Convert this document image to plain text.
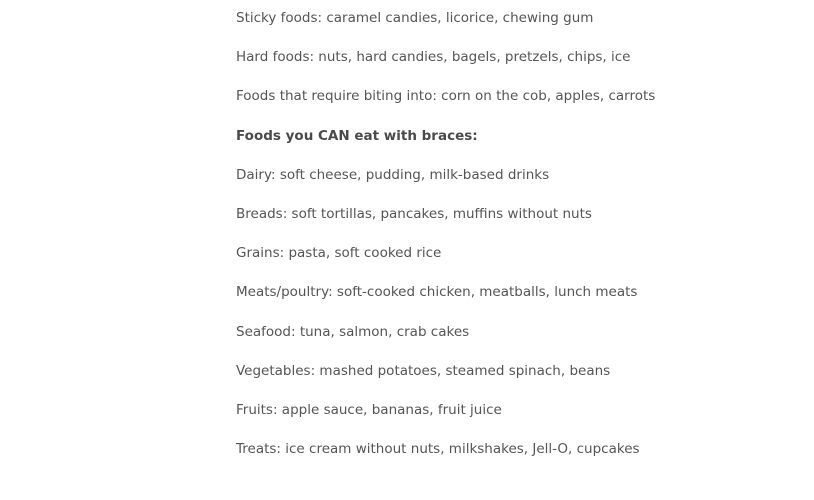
Sticky foods: caramel candies, licorice, chewing gum

Hard foods: nuts, hard candies, bagels, pretzels, chips, ice

Foods that require biting into: corn on the cob, apples, carrots

Foods you CAN eat with braces:

Dairy: soft cheese, pudding, milk-based drinks

Breads: soft tortillas, pancakes, muffins without nuts

Grains: pasta, soft cooked rice

Meats/poultry: soft-cooked chicken, meatballs, lunch meats

Seafood: tuna, salmon, crab cakes

Vegetables: mashed potatoes, steamed spinach, beans

Fruits: apple sauce, bananas, fruit juice

Treats: ice cream without nuts, milkshakes, Jell-O, cupcakes
